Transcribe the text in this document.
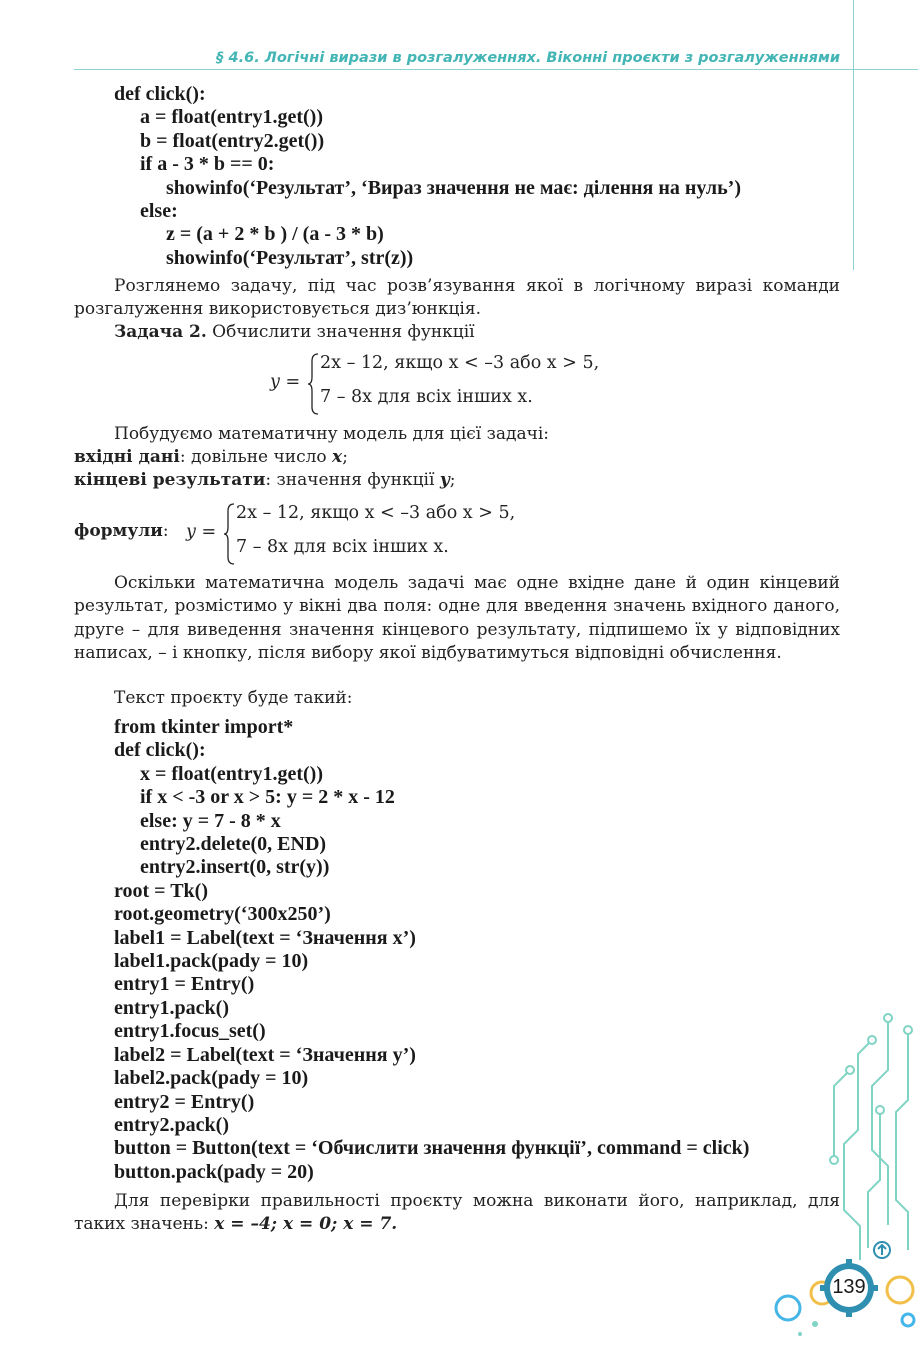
§ 4.6. Логічні вирази в розгалуженнях. Віконні проєкти з розгалуженнями
def click():
a = float(entry1.get())
b = float(entry2.get())
if a - 3 * b == 0:
showinfo(‘Результат’, ‘Вираз значення не має: ділення на нуль’)
else:
z = (a + 2 * b ) / (a - 3 * b)
showinfo(‘Результат’, str(z))
Розглянемо задачу, під час розв’язування якої в логічному виразі команди розгалуження використовується диз’юнкція.
Задача 2. Обчислити значення функції
y =
2x – 12, якщо x < –3 або x > 5,
7 – 8x для всіх інших x.
Побудуємо математичну модель для цієї задачі:
вхідні дані: довільне число x;
кінцеві результати: значення функції y;
формули: y =
2x – 12, якщо x < –3 або x > 5,
7 – 8x для всіх інших x.
Оскільки математична модель задачі має одне вхідне дане й один кінцевий результат, розмістимо у вікні два поля: одне для введення значень вхідного даного, друге – для виведення значення кінцевого результату, підпишемо їх у відповідних написах, – і кнопку, після вибору якої відбуватимуться відповідні обчислення.
Текст проєкту буде такий:
from tkinter import*
def click():
x = float(entry1.get())
if x < -3 or x > 5: y = 2 * x - 12
else: y = 7 - 8 * x
entry2.delete(0, END)
entry2.insert(0, str(y))
root = Tk()
root.geometry(‘300x250’)
label1 = Label(text = ‘Значення x’)
label1.pack(pady = 10)
entry1 = Entry()
entry1.pack()
entry1.focus_set()
label2 = Label(text = ‘Значення y’)
label2.pack(pady = 10)
entry2 = Entry()
entry2.pack()
button = Button(text = ‘Обчислити значення функції’, command = click)
button.pack(pady = 20)
Для перевірки правильності проєкту можна виконати його, наприклад, для таких значень: x = –4; x = 0; x = 7.
139
